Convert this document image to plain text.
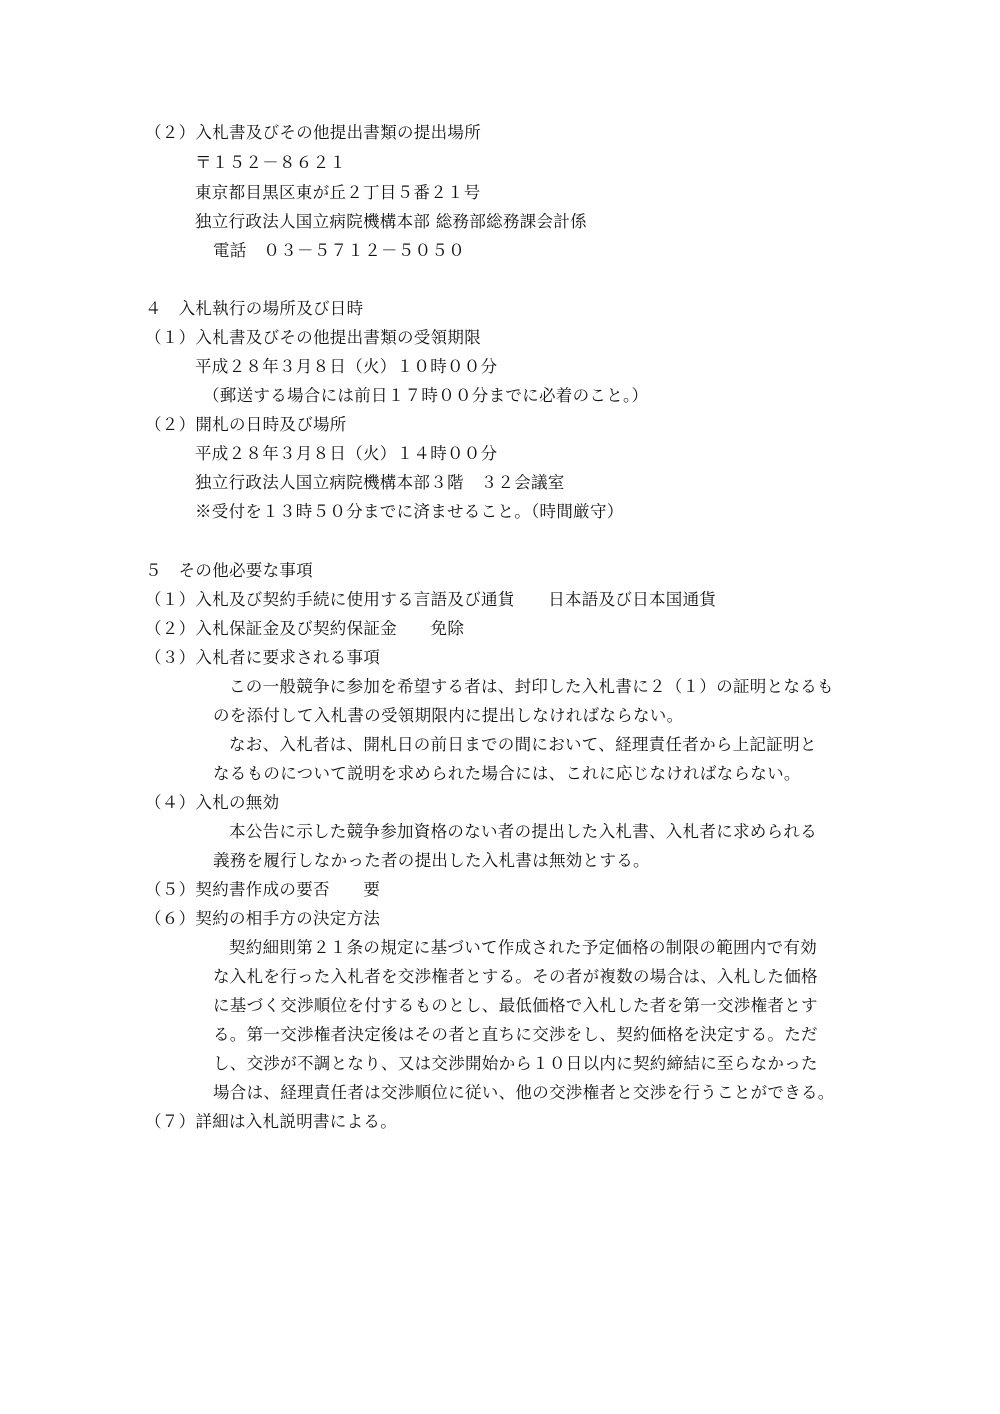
（２）入札書及びその他提出書類の提出場所
〒１５２－８６２１
東京都目黒区東が丘２丁目５番２１号
独立行政法人国立病院機構本部 総務部総務課会計係
電話　０３－５７１２－５０５０
４　入札執行の場所及び日時
（１）入札書及びその他提出書類の受領期限
平成２８年３月８日（火）１０時００分
（郵送する場合には前日１７時００分までに必着のこと。）
（２）開札の日時及び場所
平成２８年３月８日（火）１４時００分
独立行政法人国立病院機構本部３階　３２会議室
※受付を１３時５０分までに済ませること。（時間厳守）
５　その他必要な事項
（１）入札及び契約手続に使用する言語及び通貨　　日本語及び日本国通貨
（２）入札保証金及び契約保証金　　免除
（３）入札者に要求される事項
この一般競争に参加を希望する者は、封印した入札書に２（１）の証明となるも
のを添付して入札書の受領期限内に提出しなければならない。
なお、入札者は、開札日の前日までの間において、経理責任者から上記証明と
なるものについて説明を求められた場合には、これに応じなければならない。
（４）入札の無効
本公告に示した競争参加資格のない者の提出した入札書、入札者に求められる
義務を履行しなかった者の提出した入札書は無効とする。
（５）契約書作成の要否　　要
（６）契約の相手方の決定方法
契約細則第２１条の規定に基づいて作成された予定価格の制限の範囲内で有効
な入札を行った入札者を交渉権者とする。その者が複数の場合は、入札した価格
に基づく交渉順位を付するものとし、最低価格で入札した者を第一交渉権者とす
る。第一交渉権者決定後はその者と直ちに交渉をし、契約価格を決定する。ただ
し、交渉が不調となり、又は交渉開始から１０日以内に契約締結に至らなかった
場合は、経理責任者は交渉順位に従い、他の交渉権者と交渉を行うことができる。
（７）詳細は入札説明書による。
